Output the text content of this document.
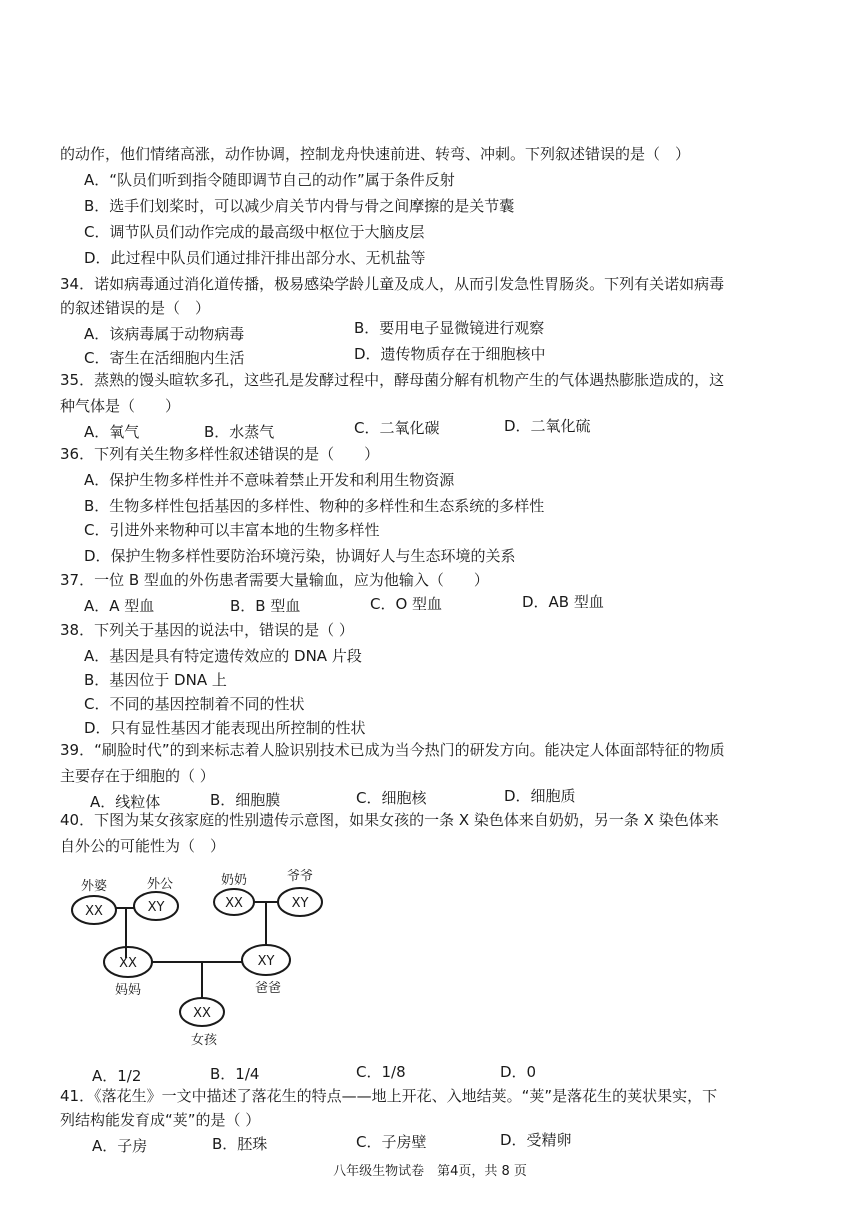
的动作，他们情绪高涨，动作协调，控制龙舟快速前进、转弯、冲刺。下列叙述错误的是（　）
A．“队员们听到指令随即调节自己的动作”属于条件反射
B．选手们划桨时，可以减少肩关节内骨与骨之间摩擦的是关节囊
C．调节队员们动作完成的最高级中枢位于大脑皮层
D．此过程中队员们通过排汗排出部分水、无机盐等
34．诺如病毒通过消化道传播，极易感染学龄儿童及成人，从而引发急性胃肠炎。下列有关诺如病毒
的叙述错误的是（　）
A．该病毒属于动物病毒	B．要用电子显微镜进行观察
C．寄生在活细胞内生活	D．遗传物质存在于细胞核中
35．蒸熟的馒头暄软多孔，这些孔是发酵过程中，酵母菌分解有机物产生的气体遇热膨胀造成的，这
种气体是（　　）
A．氧气	B．水蒸气	C．二氧化碳	D．二氧化硫
36．下列有关生物多样性叙述错误的是（　　）
A．保护生物多样性并不意味着禁止开发和利用生物资源
B．生物多样性包括基因的多样性、物种的多样性和生态系统的多样性
C．引进外来物种可以丰富本地的生物多样性
D．保护生物多样性要防治环境污染，协调好人与生态环境的关系
37．一位 B 型血的外伤患者需要大量输血，应为他输入（　　）
A．A 型血	B．B 型血	C．O 型血	D．AB 型血
38．下列关于基因的说法中，错误的是（ ）
A．基因是具有特定遗传效应的 DNA 片段
B．基因位于 DNA 上
C．不同的基因控制着不同的性状
D．只有显性基因才能表现出所控制的性状
39．“刷脸时代”的到来标志着人脸识别技术已成为当今热门的研发方向。能决定人体面部特征的物质
主要存在于细胞的（ ）
A．线粒体	B．细胞膜	C．细胞核	D．细胞质
40．下图为某女孩家庭的性别遗传示意图，如果女孩的一条 X 染色体来自奶奶，另一条 X 染色体来
自外公的可能性为（　）
外婆
XX
外公
XY
奶奶
XX
爷爷
XY
XX
妈妈
XY
爸爸
XX
女孩
A．1/2	B．1/4	C．1/8	D．0
41．《落花生》一文中描述了落花生的特点——地上开花、入地结荚。“荚”是落花生的荚状果实，下
列结构能发育成“荚”的是（ ）
A．子房	B．胚珠	C．子房壁	D．受精卵
八年级生物试卷　第4页，共 8 页
